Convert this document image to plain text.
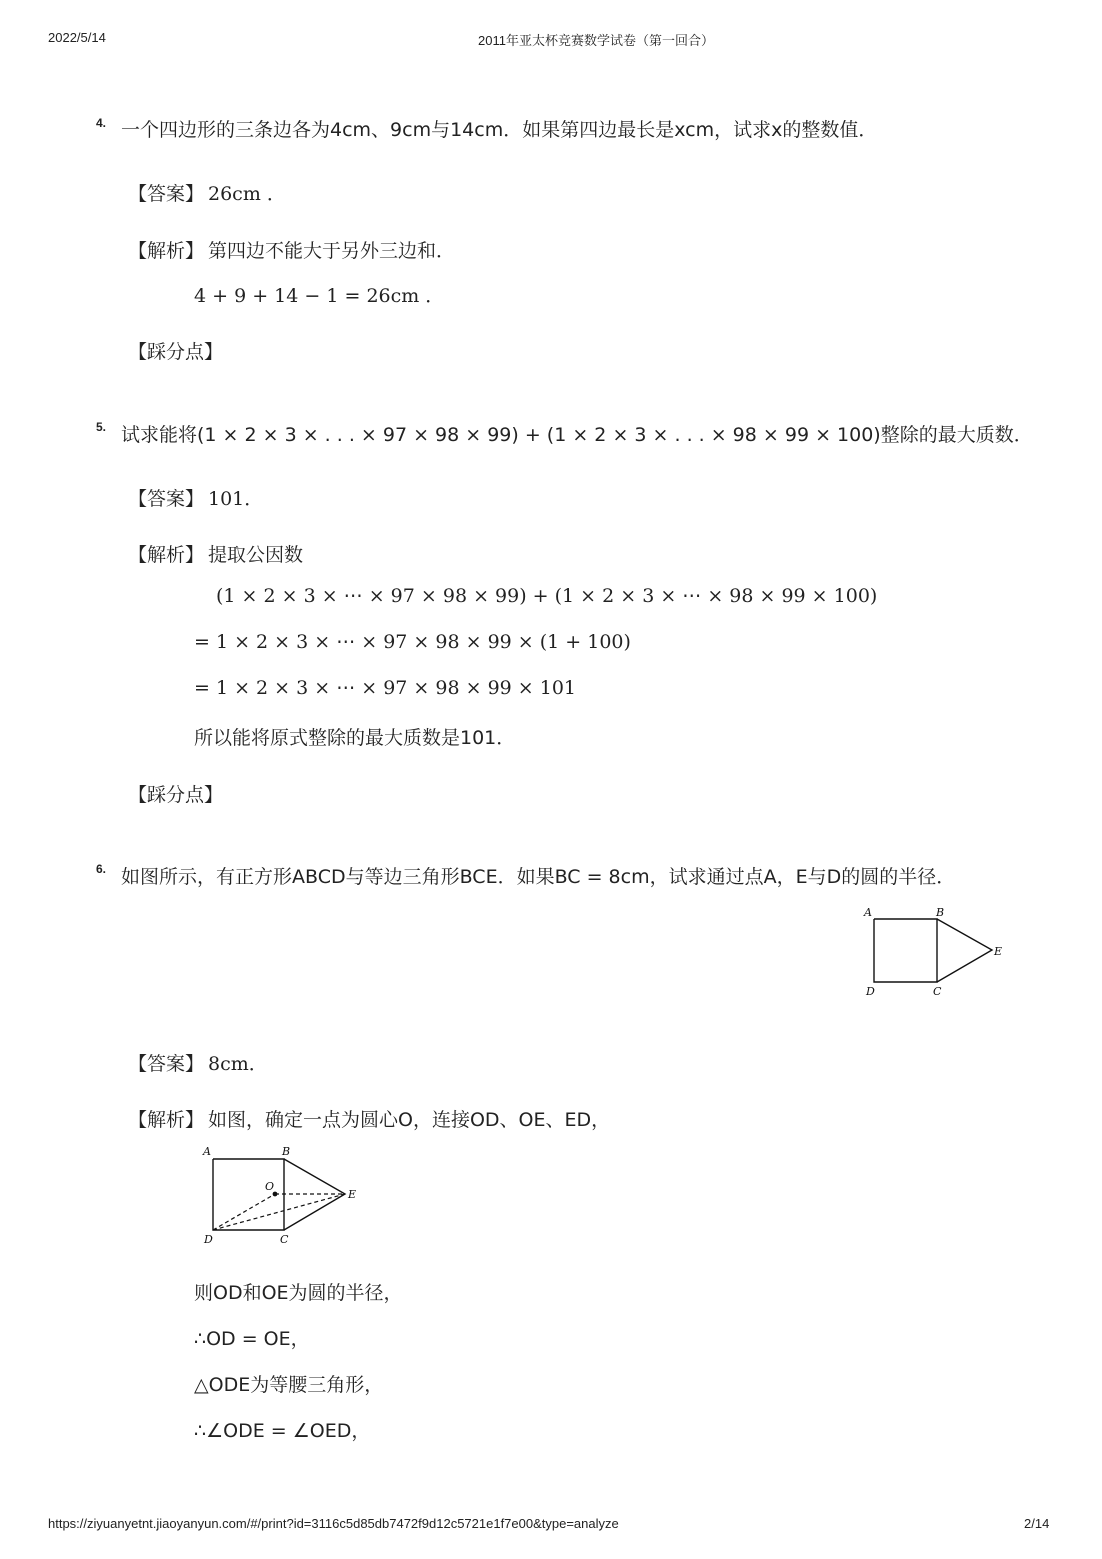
2022/5/14	2011年亚太杯竞赛数学试卷（第一回合）
4. 一个四边形的三条边各为4cm、9cm与14cm．如果第四边最长是xcm，试求x的整数值．
【答案】 26cm ．
【解析】 第四边不能大于另外三边和．
4 + 9 + 14 − 1 = 26cm ．
【踩分点】
5. 试求能将(1 × 2 × 3 × . . . × 97 × 98 × 99) + (1 × 2 × 3 × . . . × 98 × 99 × 100)整除的最大质数．
【答案】 101．
【解析】 提取公因数
(1 × 2 × 3 × ⋯ × 97 × 98 × 99) + (1 × 2 × 3 × ⋯ × 98 × 99 × 100)
= 1 × 2 × 3 × ⋯ × 97 × 98 × 99 × (1 + 100)
= 1 × 2 × 3 × ⋯ × 97 × 98 × 99 × 101
所以能将原式整除的最大质数是101．
【踩分点】
6. 如图所示，有正方形ABCD与等边三角形BCE．如果BC = 8cm，试求通过点A，E与D的圆的半径．
A	B
E
D	C
【答案】 8cm．
【解析】 如图，确定一点为圆心O，连接OD、OE、ED，
A	B
O
E
D	C
则OD和OE为圆的半径，
∴OD = OE，
△ODE为等腰三角形，
∴∠ODE = ∠OED，
https://ziyuanyetnt.jiaoyanyun.com/#/print?id=3116c5d85db7472f9d12c5721e1f7e00&type=analyze	2/14
